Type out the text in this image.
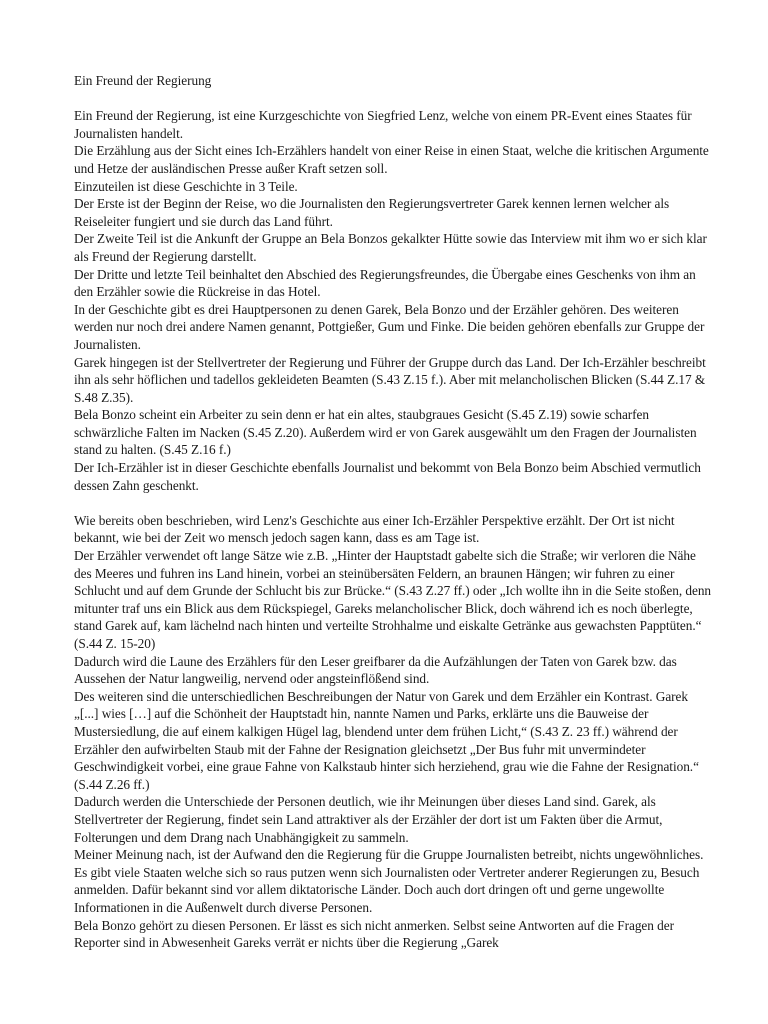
Ein Freund der Regierung

Ein Freund der Regierung, ist eine Kurzgeschichte von Siegfried Lenz, welche von einem PR-Event eines Staates für Journalisten handelt.

Die Erzählung aus der Sicht eines Ich-Erzählers handelt von einer Reise in einen Staat, welche die kritischen Argumente und Hetze der ausländischen Presse außer Kraft setzen soll.

Einzuteilen ist diese Geschichte in 3 Teile.

Der Erste ist der Beginn der Reise, wo die Journalisten den Regierungsvertreter Garek kennen lernen welcher als Reiseleiter fungiert und sie durch das Land führt.

Der Zweite Teil ist die Ankunft der Gruppe an Bela Bonzos gekalkter Hütte sowie das Interview mit ihm wo er sich klar als Freund der Regierung darstellt.

Der Dritte und letzte Teil beinhaltet den Abschied des Regierungsfreundes, die Übergabe eines Geschenks von ihm an den Erzähler sowie die Rückreise in das Hotel.

In der Geschichte gibt es drei Hauptpersonen zu denen Garek, Bela Bonzo und der Erzähler gehören. Des weiteren werden nur noch drei andere Namen genannt, Pottgießer, Gum und Finke. Die beiden gehören ebenfalls zur Gruppe der Journalisten.

Garek hingegen ist der Stellvertreter der Regierung und Führer der Gruppe durch das Land. Der Ich-Erzähler beschreibt ihn als sehr höflichen und tadellos gekleideten Beamten (S.43 Z.15 f.). Aber mit melancholischen Blicken (S.44 Z.17 & S.48 Z.35).

Bela Bonzo scheint ein Arbeiter zu sein denn er hat ein altes, staubgraues Gesicht (S.45 Z.19) sowie scharfen schwärzliche Falten im Nacken (S.45 Z.20). Außerdem wird er von Garek ausgewählt um den Fragen der Journalisten stand zu halten. (S.45 Z.16 f.)

Der Ich-Erzähler ist in dieser Geschichte ebenfalls Journalist und bekommt von Bela Bonzo beim Abschied vermutlich dessen Zahn geschenkt.

Wie bereits oben beschrieben, wird Lenz's Geschichte aus einer Ich-Erzähler Perspektive erzählt. Der Ort ist nicht bekannt, wie bei der Zeit wo mensch jedoch sagen kann, dass es am Tage ist.

Der Erzähler verwendet oft lange Sätze wie z.B. „Hinter der Hauptstadt gabelte sich die Straße; wir verloren die Nähe des Meeres und fuhren ins Land hinein, vorbei an steinübersäten Feldern, an braunen Hängen; wir fuhren zu einer Schlucht und auf dem Grunde der Schlucht bis zur Brücke.“ (S.43 Z.27 ff.) oder „Ich wollte ihn in die Seite stoßen, denn mitunter traf uns ein Blick aus dem Rückspiegel, Gareks melancholischer Blick, doch während ich es noch überlegte, stand Garek auf, kam lächelnd nach hinten und verteilte Strohhalme und eiskalte Getränke aus gewachsten Papptüten.“ (S.44 Z. 15-20)

Dadurch wird die Laune des Erzählers für den Leser greifbarer da die Aufzählungen der Taten von Garek bzw. das Aussehen der Natur langweilig, nervend oder angsteinflößend sind.

Des weiteren sind die unterschiedlichen Beschreibungen der Natur von Garek und dem Erzähler ein Kontrast. Garek „[...] wies […] auf die Schönheit der Hauptstadt hin, nannte Namen und Parks, erklärte uns die Bauweise der Mustersiedlung, die auf einem kalkigen Hügel lag, blendend unter dem frühen Licht,“ (S.43 Z. 23 ff.) während der Erzähler den aufwirbelten Staub mit der Fahne der Resignation gleichsetzt „Der Bus fuhr mit unvermindeter Geschwindigkeit vorbei, eine graue Fahne von Kalkstaub hinter sich herziehend, grau wie die Fahne der Resignation.“ (S.44 Z.26 ff.)

Dadurch werden die Unterschiede der Personen deutlich, wie ihr Meinungen über dieses Land sind. Garek, als Stellvertreter der Regierung, findet sein Land attraktiver als der Erzähler der dort ist um Fakten über die Armut, Folterungen und dem Drang nach Unabhängigkeit zu sammeln.

Meiner Meinung nach, ist der Aufwand den die Regierung für die Gruppe Journalisten betreibt, nichts ungewöhnliches. Es gibt viele Staaten welche sich so raus putzen wenn sich Journalisten oder Vertreter anderer Regierungen zu, Besuch anmelden. Dafür bekannt sind vor allem diktatorische Länder. Doch auch dort dringen oft und gerne ungewollte Informationen in die Außenwelt durch diverse Personen.

Bela Bonzo gehört zu diesen Personen. Er lässt es sich nicht anmerken. Selbst seine Antworten auf die Fragen der Reporter sind in Abwesenheit Gareks verrät er nichts über die Regierung „Garek
